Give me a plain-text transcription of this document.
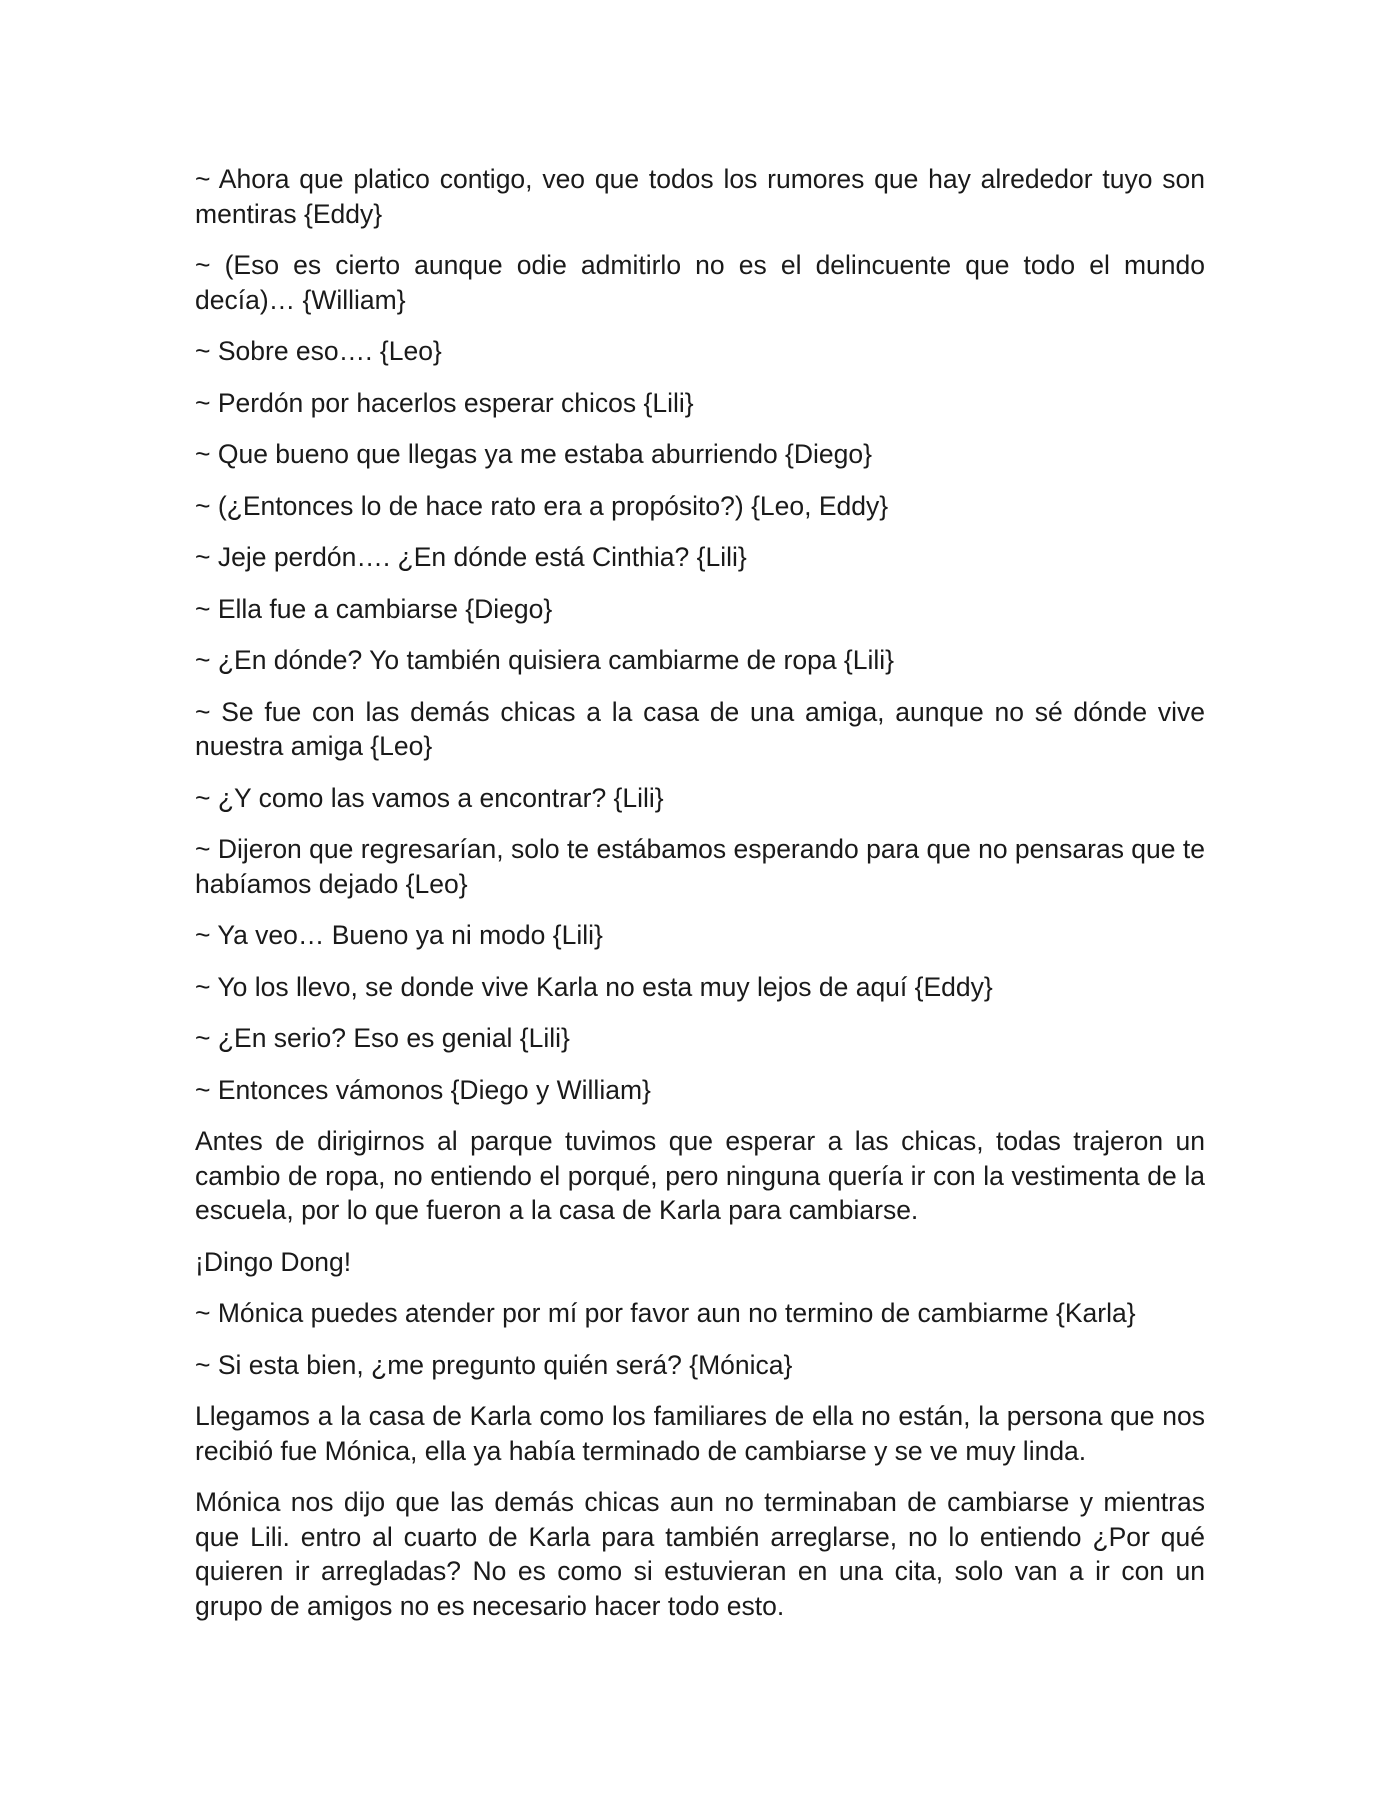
~ Ahora que platico contigo, veo que todos los rumores que hay alrededor tuyo son mentiras {Eddy}

~ (Eso es cierto aunque odie admitirlo no es el delincuente que todo el mundo decía)… {William}

~ Sobre eso…. {Leo}

~ Perdón por hacerlos esperar chicos {Lili}

~ Que bueno que llegas ya me estaba aburriendo {Diego}

~ (¿Entonces lo de hace rato era a propósito?) {Leo, Eddy}

~ Jeje perdón…. ¿En dónde está Cinthia? {Lili}

~ Ella fue a cambiarse {Diego}

~ ¿En dónde? Yo también quisiera cambiarme de ropa {Lili}

~ Se fue con las demás chicas a la casa de una amiga, aunque no sé dónde vive nuestra amiga {Leo}

~ ¿Y como las vamos a encontrar? {Lili}

~ Dijeron que regresarían, solo te estábamos esperando para que no pensaras que te habíamos dejado {Leo}

~ Ya veo… Bueno ya ni modo {Lili}

~ Yo los llevo, se donde vive Karla no esta muy lejos de aquí {Eddy}

~ ¿En serio? Eso es genial {Lili}

~ Entonces vámonos {Diego y William}

Antes de dirigirnos al parque tuvimos que esperar a las chicas, todas trajeron un cambio de ropa, no entiendo el porqué, pero ninguna quería ir con la vestimenta de la escuela, por lo que fueron a la casa de Karla para cambiarse.

¡Dingo Dong!

~ Mónica puedes atender por mí por favor aun no termino de cambiarme {Karla}

~ Si esta bien, ¿me pregunto quién será? {Mónica}

Llegamos a la casa de Karla como los familiares de ella no están, la persona que nos recibió fue Mónica, ella ya había terminado de cambiarse y se ve muy linda.

Mónica nos dijo que las demás chicas aun no terminaban de cambiarse y mientras que Lili. entro al cuarto de Karla para también arreglarse, no lo entiendo ¿Por qué quieren ir arregladas? No es como si estuvieran en una cita, solo van a ir con un grupo de amigos no es necesario hacer todo esto.
